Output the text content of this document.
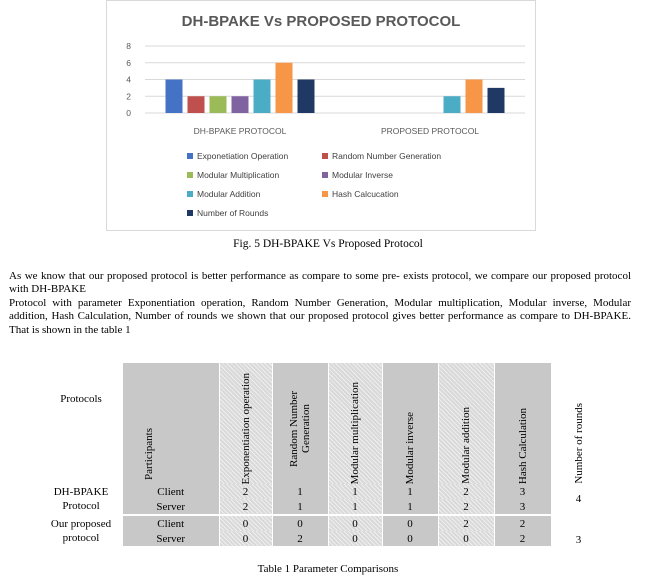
DH-BPAKE Vs PROPOSED PROTOCOL
0
2
4
6
8
DH-BPAKE PROTOCOL	PROPOSED PROTOCOL
Exponetiation Operation	Random Number Generation
Modular Multiplication	Modular Inverse
Modular Addition	Hash Calcucation
Number of Rounds
Fig. 5 DH-BPAKE Vs Proposed Protocol
As we know that our proposed protocol is better performance as compare to some pre- exists protocol, we compare our proposed protocol with DH-BPAKE
Protocol with parameter Exponentiation operation, Random Number Generation, Modular multiplication, Modular inverse, Modular addition, Hash Calculation, Number of rounds we shown that our proposed protocol gives better performance as compare to DH-BPAKE. That is shown in the table 1
Protocols	Participants	Exponentiation operation	Random Number Generation	Modular multiplication	Modular inverse	Modular addition	Hash Calculation	Number of rounds

DH-BPAKE Protocol	Client	2	1	1	1	2	3	4
	Server	2	1	1	1	2	3	

Our proposed protocol	Client	0	0	0	0	2	2	3
	Server	0	2	0	0	0	2	
Table 1 Parameter Comparisons
